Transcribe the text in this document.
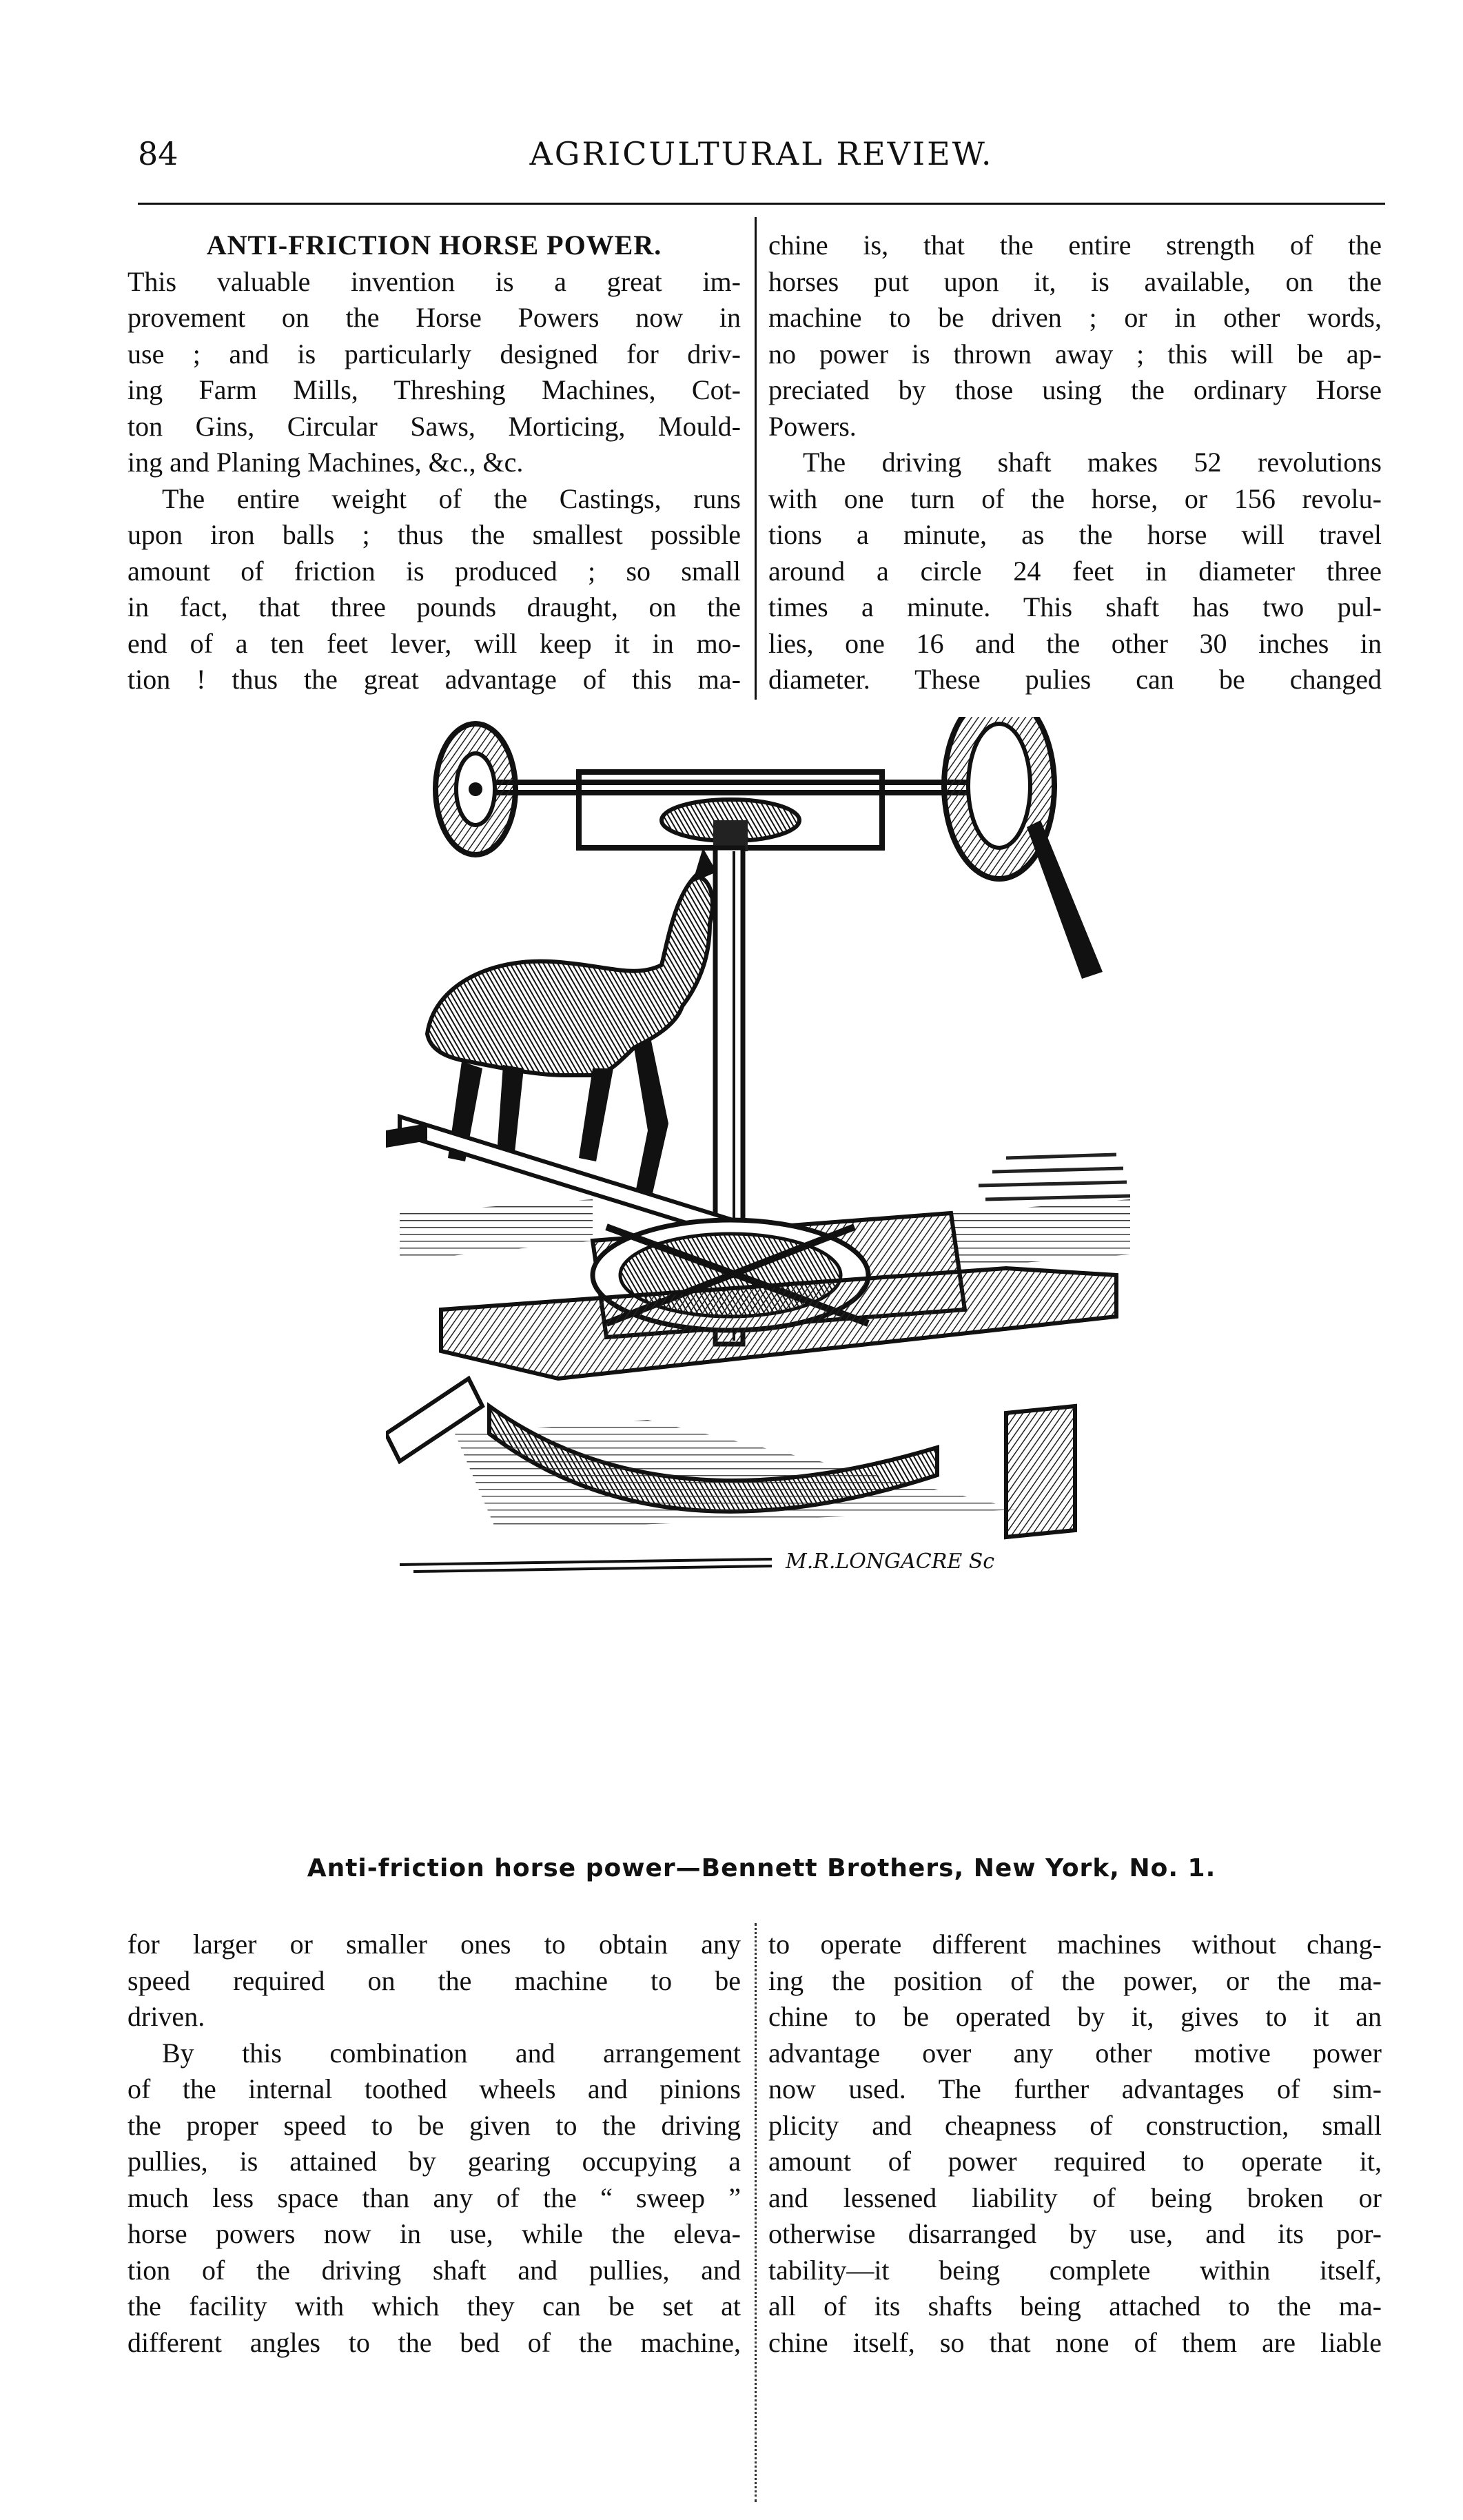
84	AGRICULTURAL REVIEW.
ANTI-FRICTION HORSE POWER.
This valuable invention is a great im-
provement on the Horse Powers now in
use ; and is particularly designed for driv-
ing Farm Mills, Threshing Machines, Cot-
ton Gins, Circular Saws, Morticing, Mould-
ing and Planing Machines, &c., &c.
The entire weight of the Castings, runs
upon iron balls ; thus the smallest possible
amount of friction is produced ; so small
in fact, that three pounds draught, on the
end of a ten feet lever, will keep it in mo-
tion ! thus the great advantage of this ma-
chine is, that the entire strength of the
horses put upon it, is available, on the
machine to be driven ; or in other words,
no power is thrown away ; this will be ap-
preciated by those using the ordinary Horse
Powers.
The driving shaft makes 52 revolutions
with one turn of the horse, or 156 revolu-
tions a minute, as the horse will travel
around a circle 24 feet in diameter three
times a minute. This shaft has two pul-
lies, one 16 and the other 30 inches in
diameter. These pulies can be changed
M.R.LONGACRE Sc
Anti-friction horse power—Bennett Brothers, New York, No. 1.
for larger or smaller ones to obtain any
speed required on the machine to be
driven.
By this combination and arrangement
of the internal toothed wheels and pinions
the proper speed to be given to the driving
pullies, is attained by gearing occupying a
much less space than any of the “ sweep ”
horse powers now in use, while the eleva-
tion of the driving shaft and pullies, and
the facility with which they can be set at
different angles to the bed of the machine,
to operate different machines without chang-
ing the position of the power, or the ma-
chine to be operated by it, gives to it an
advantage over any other motive power
now used. The further advantages of sim-
plicity and cheapness of construction, small
amount of power required to operate it,
and lessened liability of being broken or
otherwise disarranged by use, and its por-
tability—it being complete within itself,
all of its shafts being attached to the ma-
chine itself, so that none of them are liable
